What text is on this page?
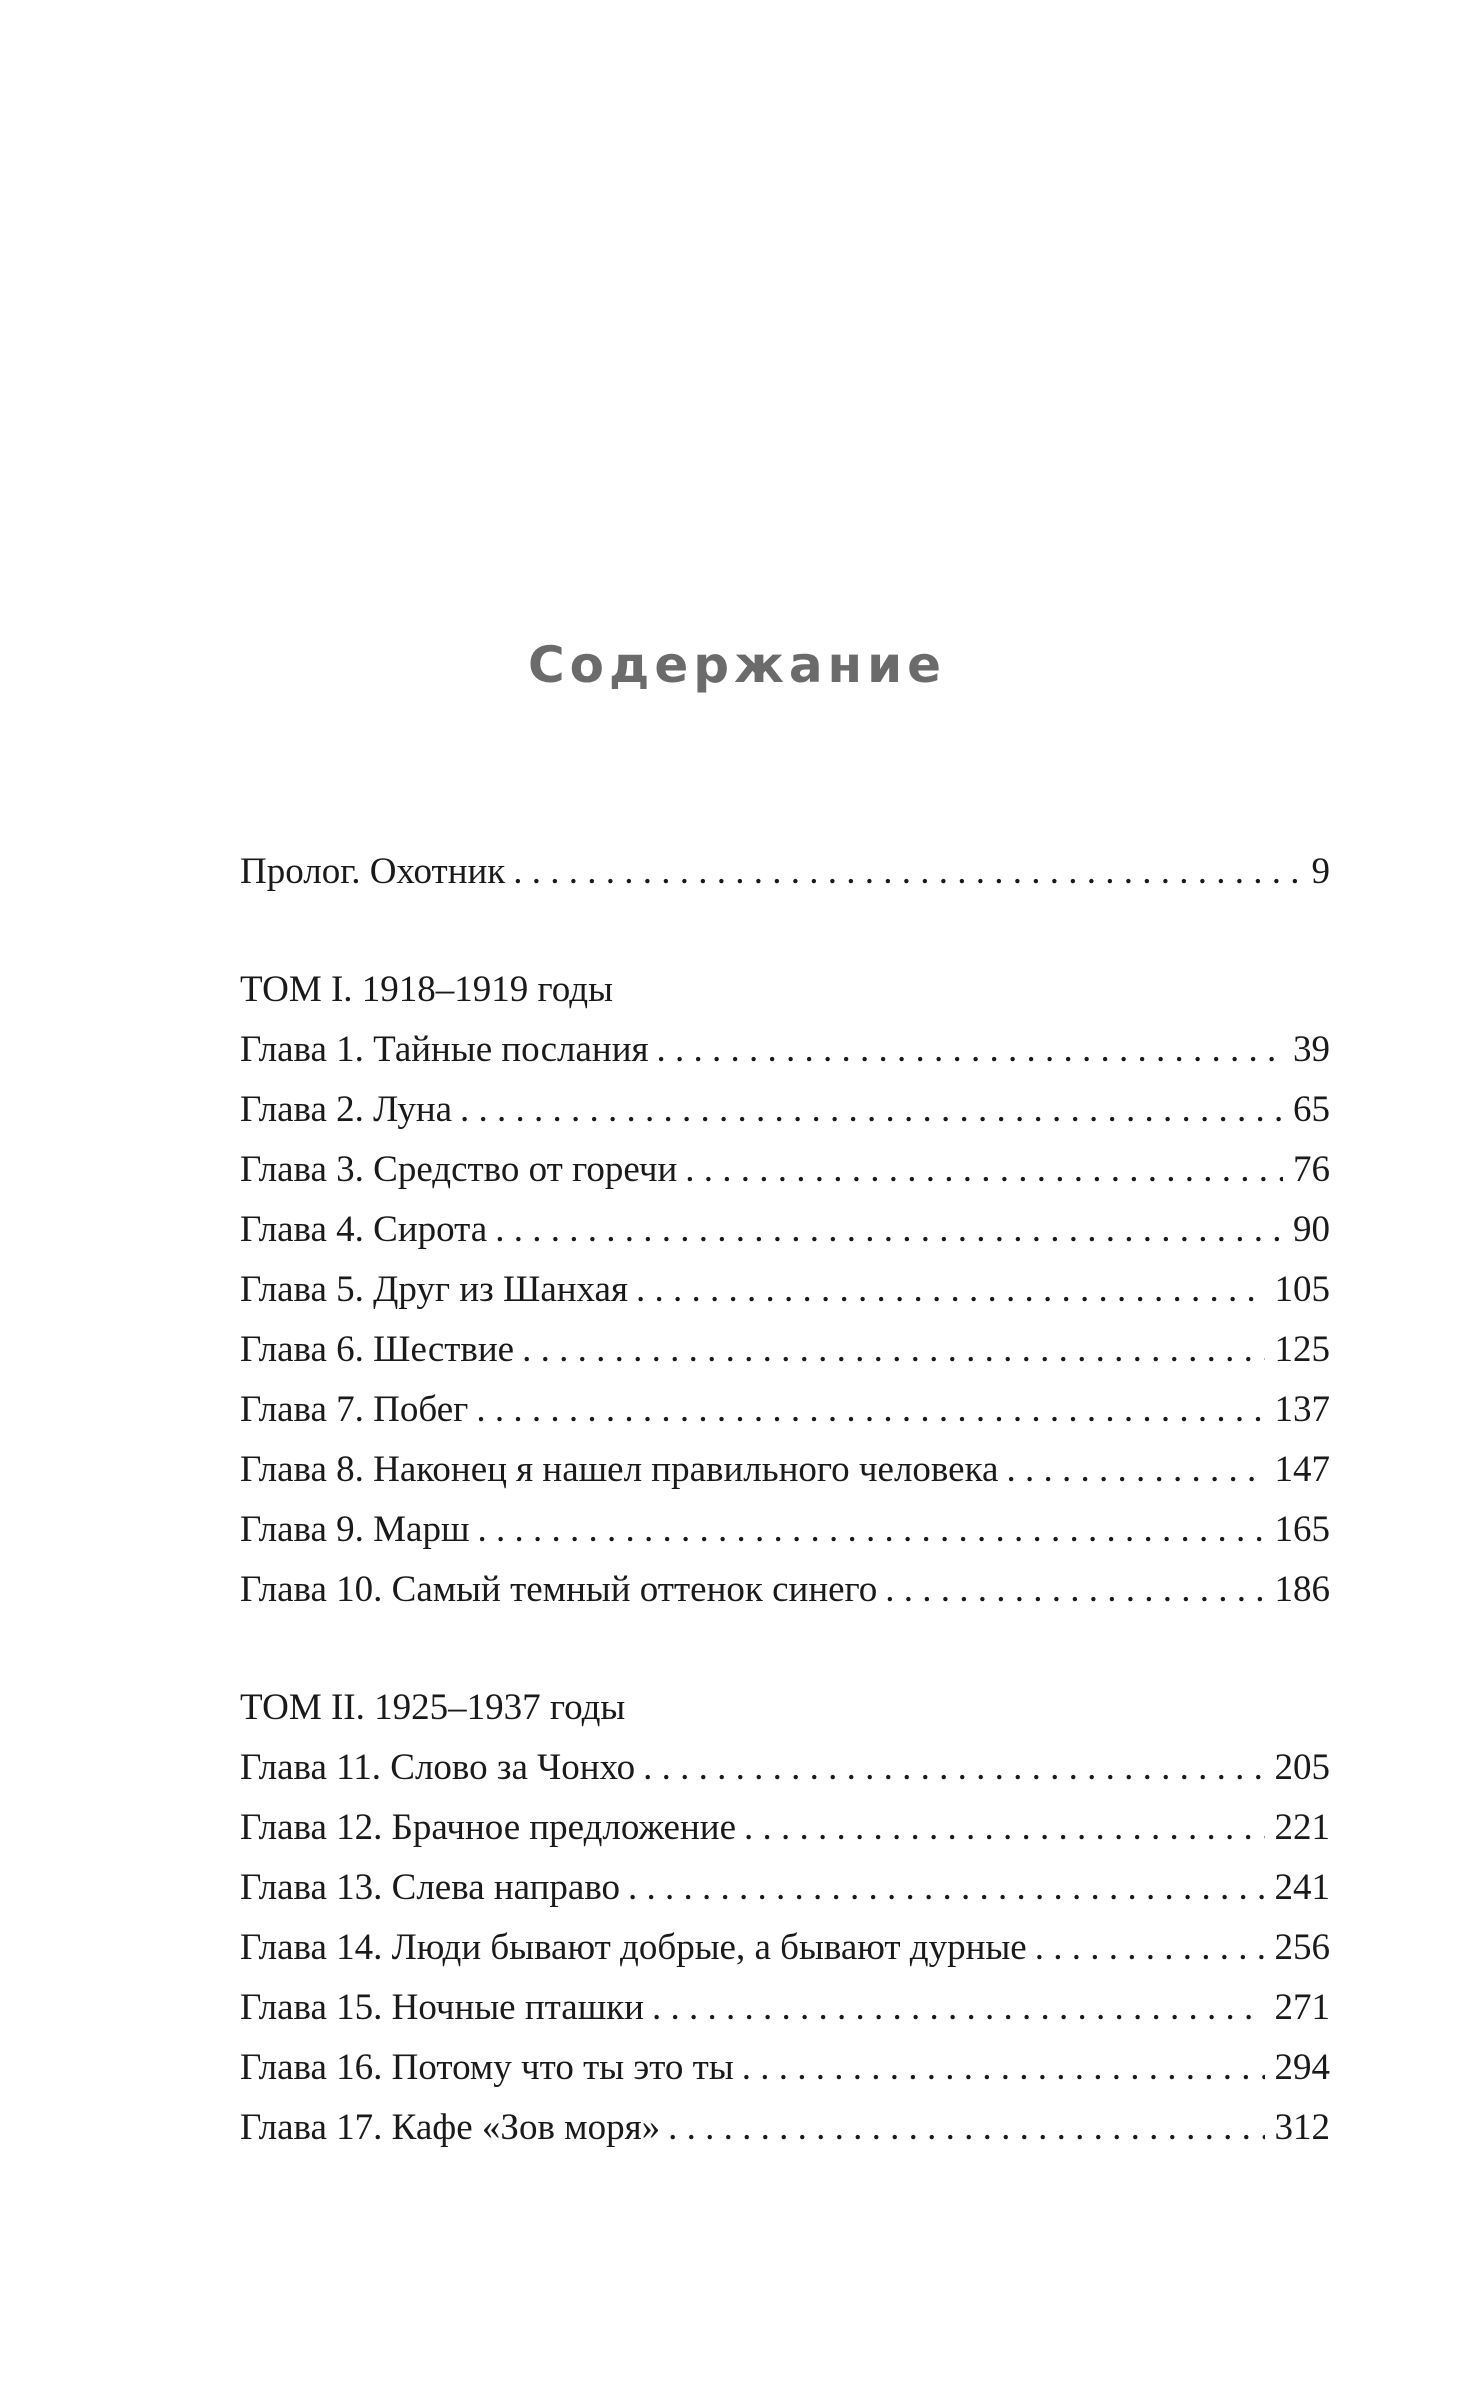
Содержание
Пролог. Охотник . . .	9
ТОМ I. 1918–1919 годы
Глава 1. Тайные послания . . .	39
Глава 2. Луна . . .	65
Глава 3. Средство от горечи . . .	76
Глава 4. Сирота . . .	90
Глава 5. Друг из Шанхая . . .	105
Глава 6. Шествие . . .	125
Глава 7. Побег . . .	137
Глава 8. Наконец я нашел правильного человека . . .	147
Глава 9. Марш . . .	165
Глава 10. Самый темный оттенок синего . . .	186
ТОМ II. 1925–1937 годы
Глава 11. Слово за Чонхо . . .	205
Глава 12. Брачное предложение . . .	221
Глава 13. Слева направо . . .	241
Глава 14. Люди бывают добрые, а бывают дурные . . .	256
Глава 15. Ночные пташки . . .	271
Глава 16. Потому что ты это ты . . .	294
Глава 17. Кафе «Зов моря» . . .	312
